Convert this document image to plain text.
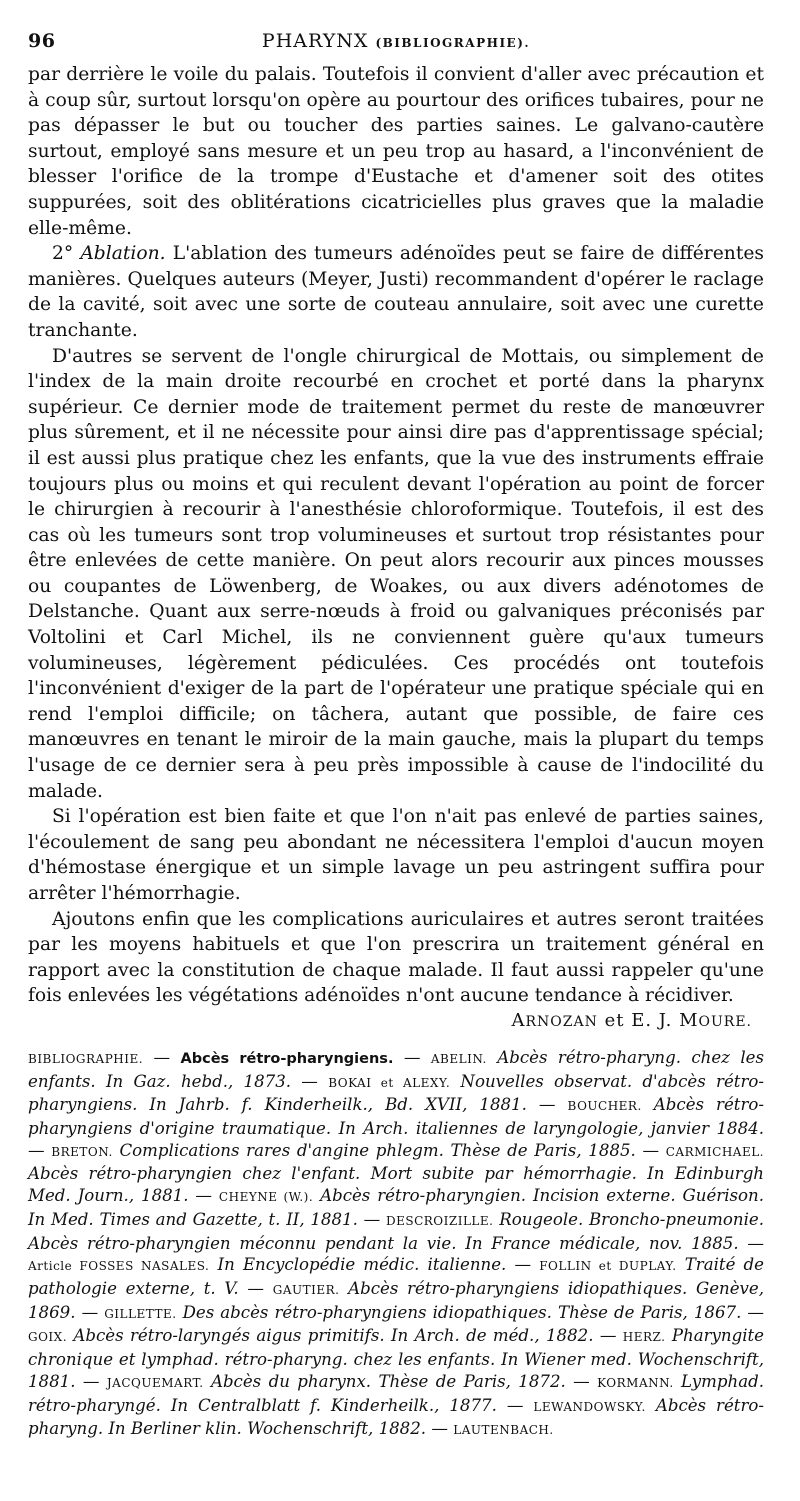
96	PHARYNX (BIBLIOGRAPHIE).

par derrière le voile du palais. Toutefois il convient d'aller avec précaution et à coup sûr, surtout lorsqu'on opère au pourtour des orifices tubaires, pour ne pas dépasser le but ou toucher des parties saines. Le galvano-cautère surtout, employé sans mesure et un peu trop au hasard, a l'inconvénient de blesser l'orifice de la trompe d'Eustache et d'amener soit des otites suppurées, soit des oblitérations cicatricielles plus graves que la maladie elle-même.

2° Ablation. L'ablation des tumeurs adénoïdes peut se faire de différentes manières. Quelques auteurs (Meyer, Justi) recommandent d'opérer le raclage de la cavité, soit avec une sorte de couteau annulaire, soit avec une curette tranchante.

D'autres se servent de l'ongle chirurgical de Mottais, ou simplement de l'index de la main droite recourbé en crochet et porté dans la pharynx supérieur. Ce dernier mode de traitement permet du reste de manœuvrer plus sûrement, et il ne nécessite pour ainsi dire pas d'apprentissage spécial; il est aussi plus pratique chez les enfants, que la vue des instruments effraie toujours plus ou moins et qui reculent devant l'opération au point de forcer le chirurgien à recourir à l'anesthésie chloroformique. Toutefois, il est des cas où les tumeurs sont trop volumineuses et surtout trop résistantes pour être enlevées de cette manière. On peut alors recourir aux pinces mousses ou coupantes de Löwenberg, de Woakes, ou aux divers adénotomes de Delstanche. Quant aux serre-nœuds à froid ou galvaniques préconisés par Voltolini et Carl Michel, ils ne conviennent guère qu'aux tumeurs volumineuses, légèrement pédiculées. Ces procédés ont toutefois l'inconvénient d'exiger de la part de l'opérateur une pratique spéciale qui en rend l'emploi difficile; on tâchera, autant que possible, de faire ces manœuvres en tenant le miroir de la main gauche, mais la plupart du temps l'usage de ce dernier sera à peu près impossible à cause de l'indocilité du malade.

Si l'opération est bien faite et que l'on n'ait pas enlevé de parties saines, l'écoulement de sang peu abondant ne nécessitera l'emploi d'aucun moyen d'hémostase énergique et un simple lavage un peu astringent suffira pour arrêter l'hémorrhagie.

Ajoutons enfin que les complications auriculaires et autres seront traitées par les moyens habituels et que l'on prescrira un traitement général en rapport avec la constitution de chaque malade. Il faut aussi rappeler qu'une fois enlevées les végétations adénoïdes n'ont aucune tendance à récidiver.

ARNOZAN et E. J. MOURE.
BIBLIOGRAPHIE. — Abcès rétro-pharyngiens. — ABELIN. Abcès rétro-pharyng. chez les enfants. In Gaz. hebd., 1873. — BOKAI et ALEXY. Nouvelles observat. d'abcès rétro-pharyngiens. In Jahrb. f. Kinderheilk., Bd. XVII, 1881. — BOUCHER. Abcès rétro-pharyngiens d'origine traumatique. In Arch. italiennes de laryngologie, janvier 1884. — BRETON. Complications rares d'angine phlegm. Thèse de Paris, 1885. — CARMICHAEL. Abcès rétro-pharyngien chez l'enfant. Mort subite par hémorrhagie. In Edinburgh Med. Journ., 1881. — CHEYNE (W.). Abcès rétro-pharyngien. Incision externe. Guérison. In Med. Times and Gazette, t. II, 1881. — DESCROIZILLE. Rougeole. Broncho-pneumonie. Abcès rétro-pharyngien méconnu pendant la vie. In France médicale, nov. 1885. — Article FOSSES NASALES. In Encyclopédie médic. italienne. — FOLLIN et DUPLAY. Traité de pathologie externe, t. V. — GAUTIER. Abcès rétro-pharyngiens idiopathiques. Genève, 1869. — GILLETTE. Des abcès rétro-pharyngiens idiopathiques. Thèse de Paris, 1867. — GOIX. Abcès rétro-laryngés aigus primitifs. In Arch. de méd., 1882. — HERZ. Pharyngite chronique et lymphad. rétro-pharyng. chez les enfants. In Wiener med. Wochenschrift, 1881. — JACQUEMART. Abcès du pharynx. Thèse de Paris, 1872. — KORMANN. Lymphad. rétro-pharyngé. In Centralblatt f. Kinderheilk., 1877. — LEWANDOWSKY. Abcès rétro-pharyng. In Berliner klin. Wochenschrift, 1882. — LAUTENBACH.
